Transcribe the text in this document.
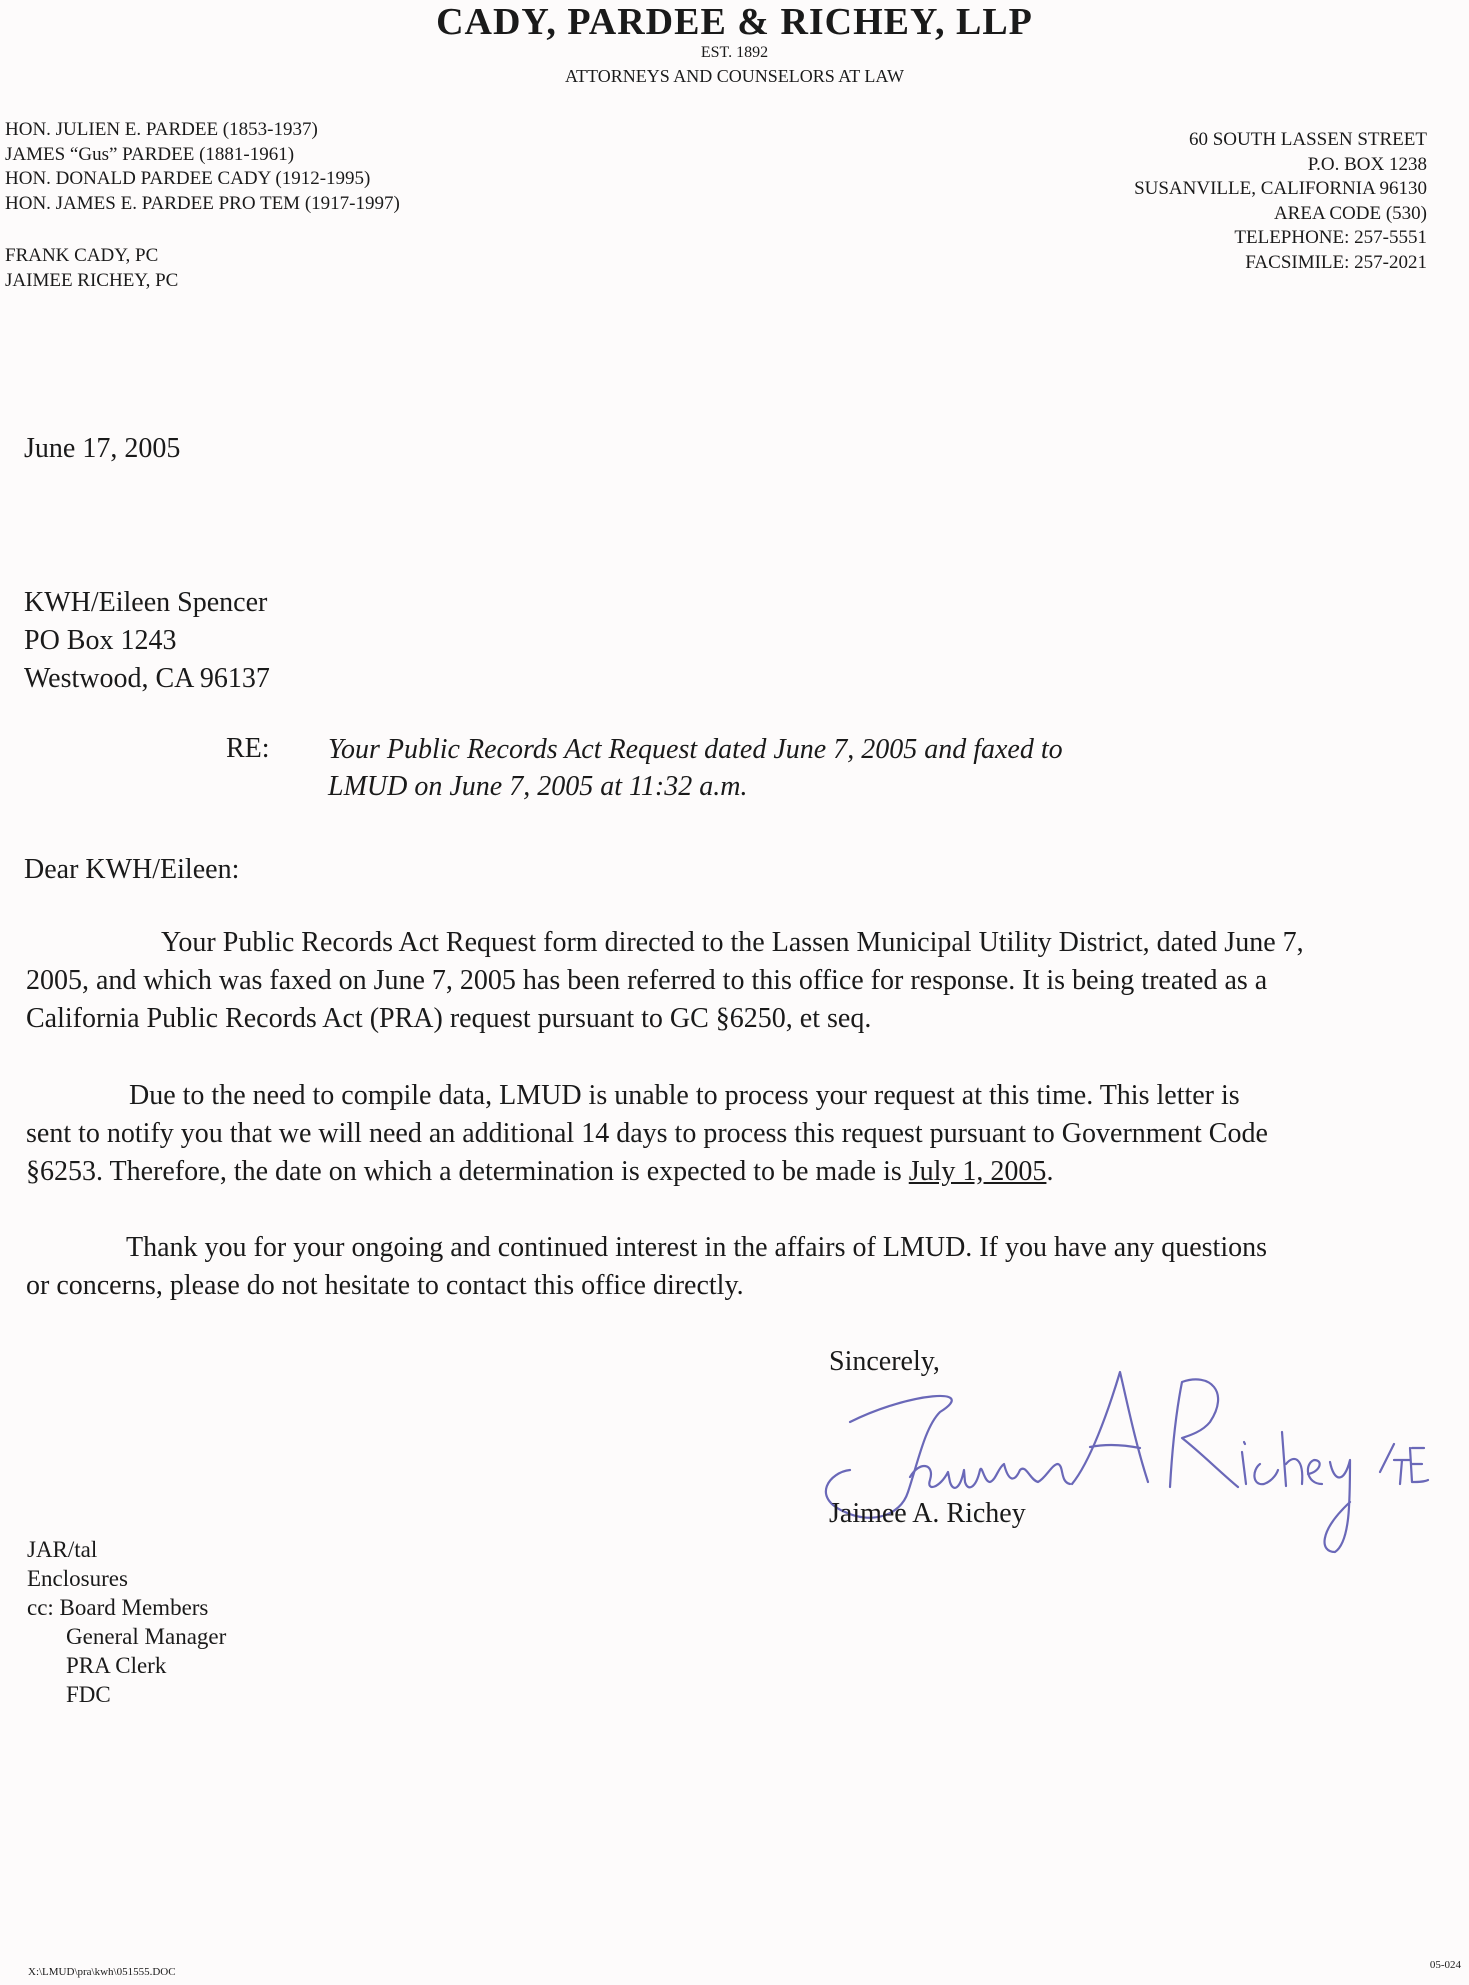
CADY, PARDEE & RICHEY, LLP
EST. 1892
ATTORNEYS AND COUNSELORS AT LAW
HON. JULIEN E. PARDEE (1853-1937)
JAMES “Gus” PARDEE (1881-1961)
HON. DONALD PARDEE CADY (1912-1995)
HON. JAMES E. PARDEE PRO TEM (1917-1997)
FRANK CADY, PC
JAIMEE RICHEY, PC
60 SOUTH LASSEN STREET
P.O. BOX 1238
SUSANVILLE, CALIFORNIA 96130
AREA CODE (530)
TELEPHONE: 257-5551
FACSIMILE: 257-2021
June 17, 2005
KWH/Eileen Spencer
PO Box 1243
Westwood, CA 96137
RE: Your Public Records Act Request dated June 7, 2005 and faxed to
LMUD on June 7, 2005 at 11:32 a.m.
Dear KWH/Eileen:
Your Public Records Act Request form directed to the Lassen Municipal Utility District, dated June 7,
2005, and which was faxed on June 7, 2005 has been referred to this office for response. It is being treated as a
California Public Records Act (PRA) request pursuant to GC §6250, et seq.
Due to the need to compile data, LMUD is unable to process your request at this time. This letter is
sent to notify you that we will need an additional 14 days to process this request pursuant to Government Code
§6253. Therefore, the date on which a determination is expected to be made is July 1, 2005.
Thank you for your ongoing and continued interest in the affairs of LMUD. If you have any questions
or concerns, please do not hesitate to contact this office directly.
Sincerely,
Jaimee A. Richey
JAR/tal
Enclosures
cc: Board Members
General Manager
PRA Clerk
FDC
X:\LMUD\pra\kwh\051555.DOC
05-024
